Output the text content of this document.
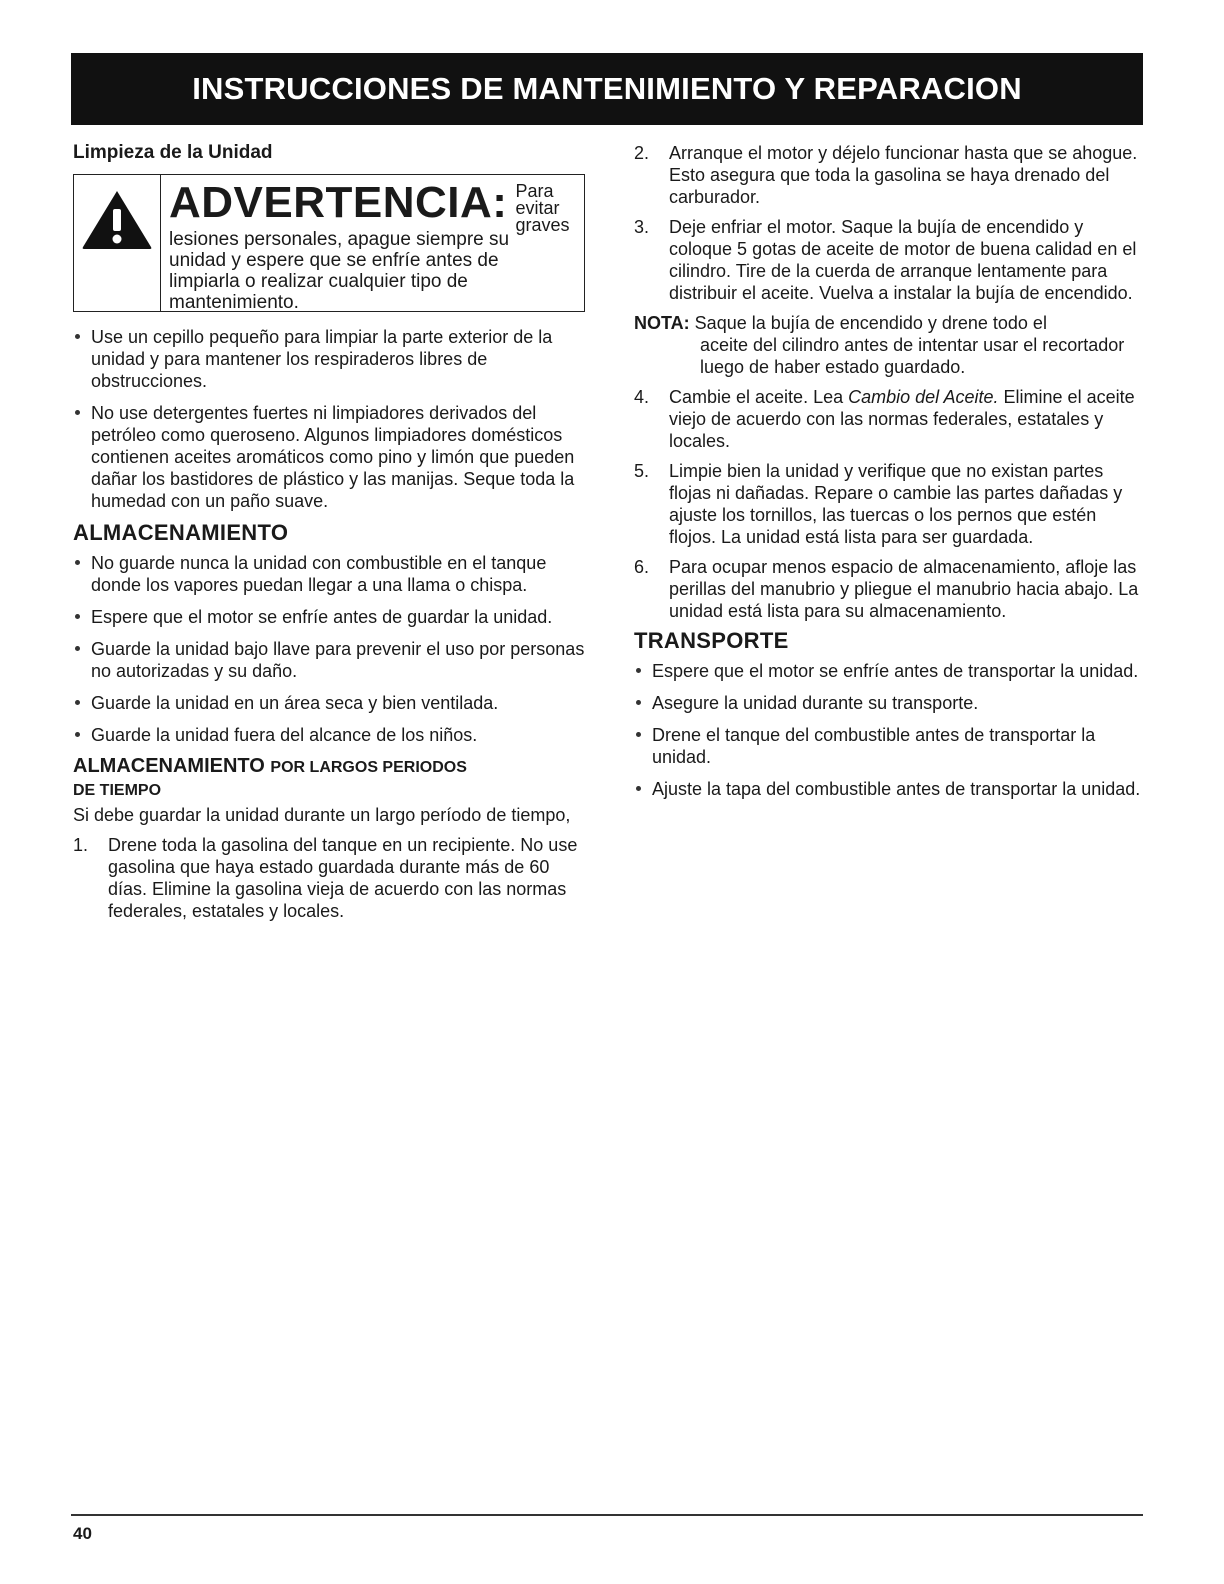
INSTRUCCIONES DE MANTENIMIENTO Y REPARACION
Limpieza de la Unidad
ADVERTENCIA: Para evitar
graves
lesiones personales, apague siempre su
unidad y espere que se enfríe antes de
limpiarla o realizar cualquier tipo de
mantenimiento.
Use un cepillo pequeño para limpiar la parte exterior de la unidad y para mantener los respiraderos libres de obstrucciones.
No use detergentes fuertes ni limpiadores derivados del petróleo como queroseno. Algunos limpiadores domésticos contienen aceites aromáticos como pino y limón que pueden dañar los bastidores de plástico y las manijas. Seque toda la humedad con un paño suave.
ALMACENAMIENTO
No guarde nunca la unidad con combustible en el tanque donde los vapores puedan llegar a una llama o chispa.
Espere que el motor se enfríe antes de guardar la unidad.
Guarde la unidad bajo llave para prevenir el uso por personas no autorizadas y su daño.
Guarde la unidad en un área seca y bien ventilada.
Guarde la unidad fuera del alcance de los niños.
ALMACENAMIENTO POR LARGOS PERIODOS
DE TIEMPO
Si debe guardar la unidad durante un largo período de tiempo,
1. Drene toda la gasolina del tanque en un recipiente. No use gasolina que haya estado guardada durante más de 60 días. Elimine la gasolina vieja de acuerdo con las normas federales, estatales y locales.
2. Arranque el motor y déjelo funcionar hasta que se ahogue. Esto asegura que toda la gasolina se haya drenado del carburador.
3. Deje enfriar el motor. Saque la bujía de encendido y coloque 5 gotas de aceite de motor de buena calidad en el cilindro. Tire de la cuerda de arranque lentamente para distribuir el aceite. Vuelva a instalar la bujía de encendido.
NOTA: Saque la bujía de encendido y drene todo el
aceite del cilindro antes de intentar usar el recortador luego de haber estado guardado.
4. Cambie el aceite. Lea Cambio del Aceite. Elimine el aceite viejo de acuerdo con las normas federales, estatales y locales.
5. Limpie bien la unidad y verifique que no existan partes flojas ni dañadas. Repare o cambie las partes dañadas y ajuste los tornillos, las tuercas o los pernos que estén flojos. La unidad está lista para ser guardada.
6. Para ocupar menos espacio de almacenamiento, afloje las perillas del manubrio y pliegue el manubrio hacia abajo. La unidad está lista para su almacenamiento.
TRANSPORTE
Espere que el motor se enfríe antes de transportar la unidad.
Asegure la unidad durante su transporte.
Drene el tanque del combustible antes de transportar la unidad.
Ajuste la tapa del combustible antes de transportar la unidad.
40
